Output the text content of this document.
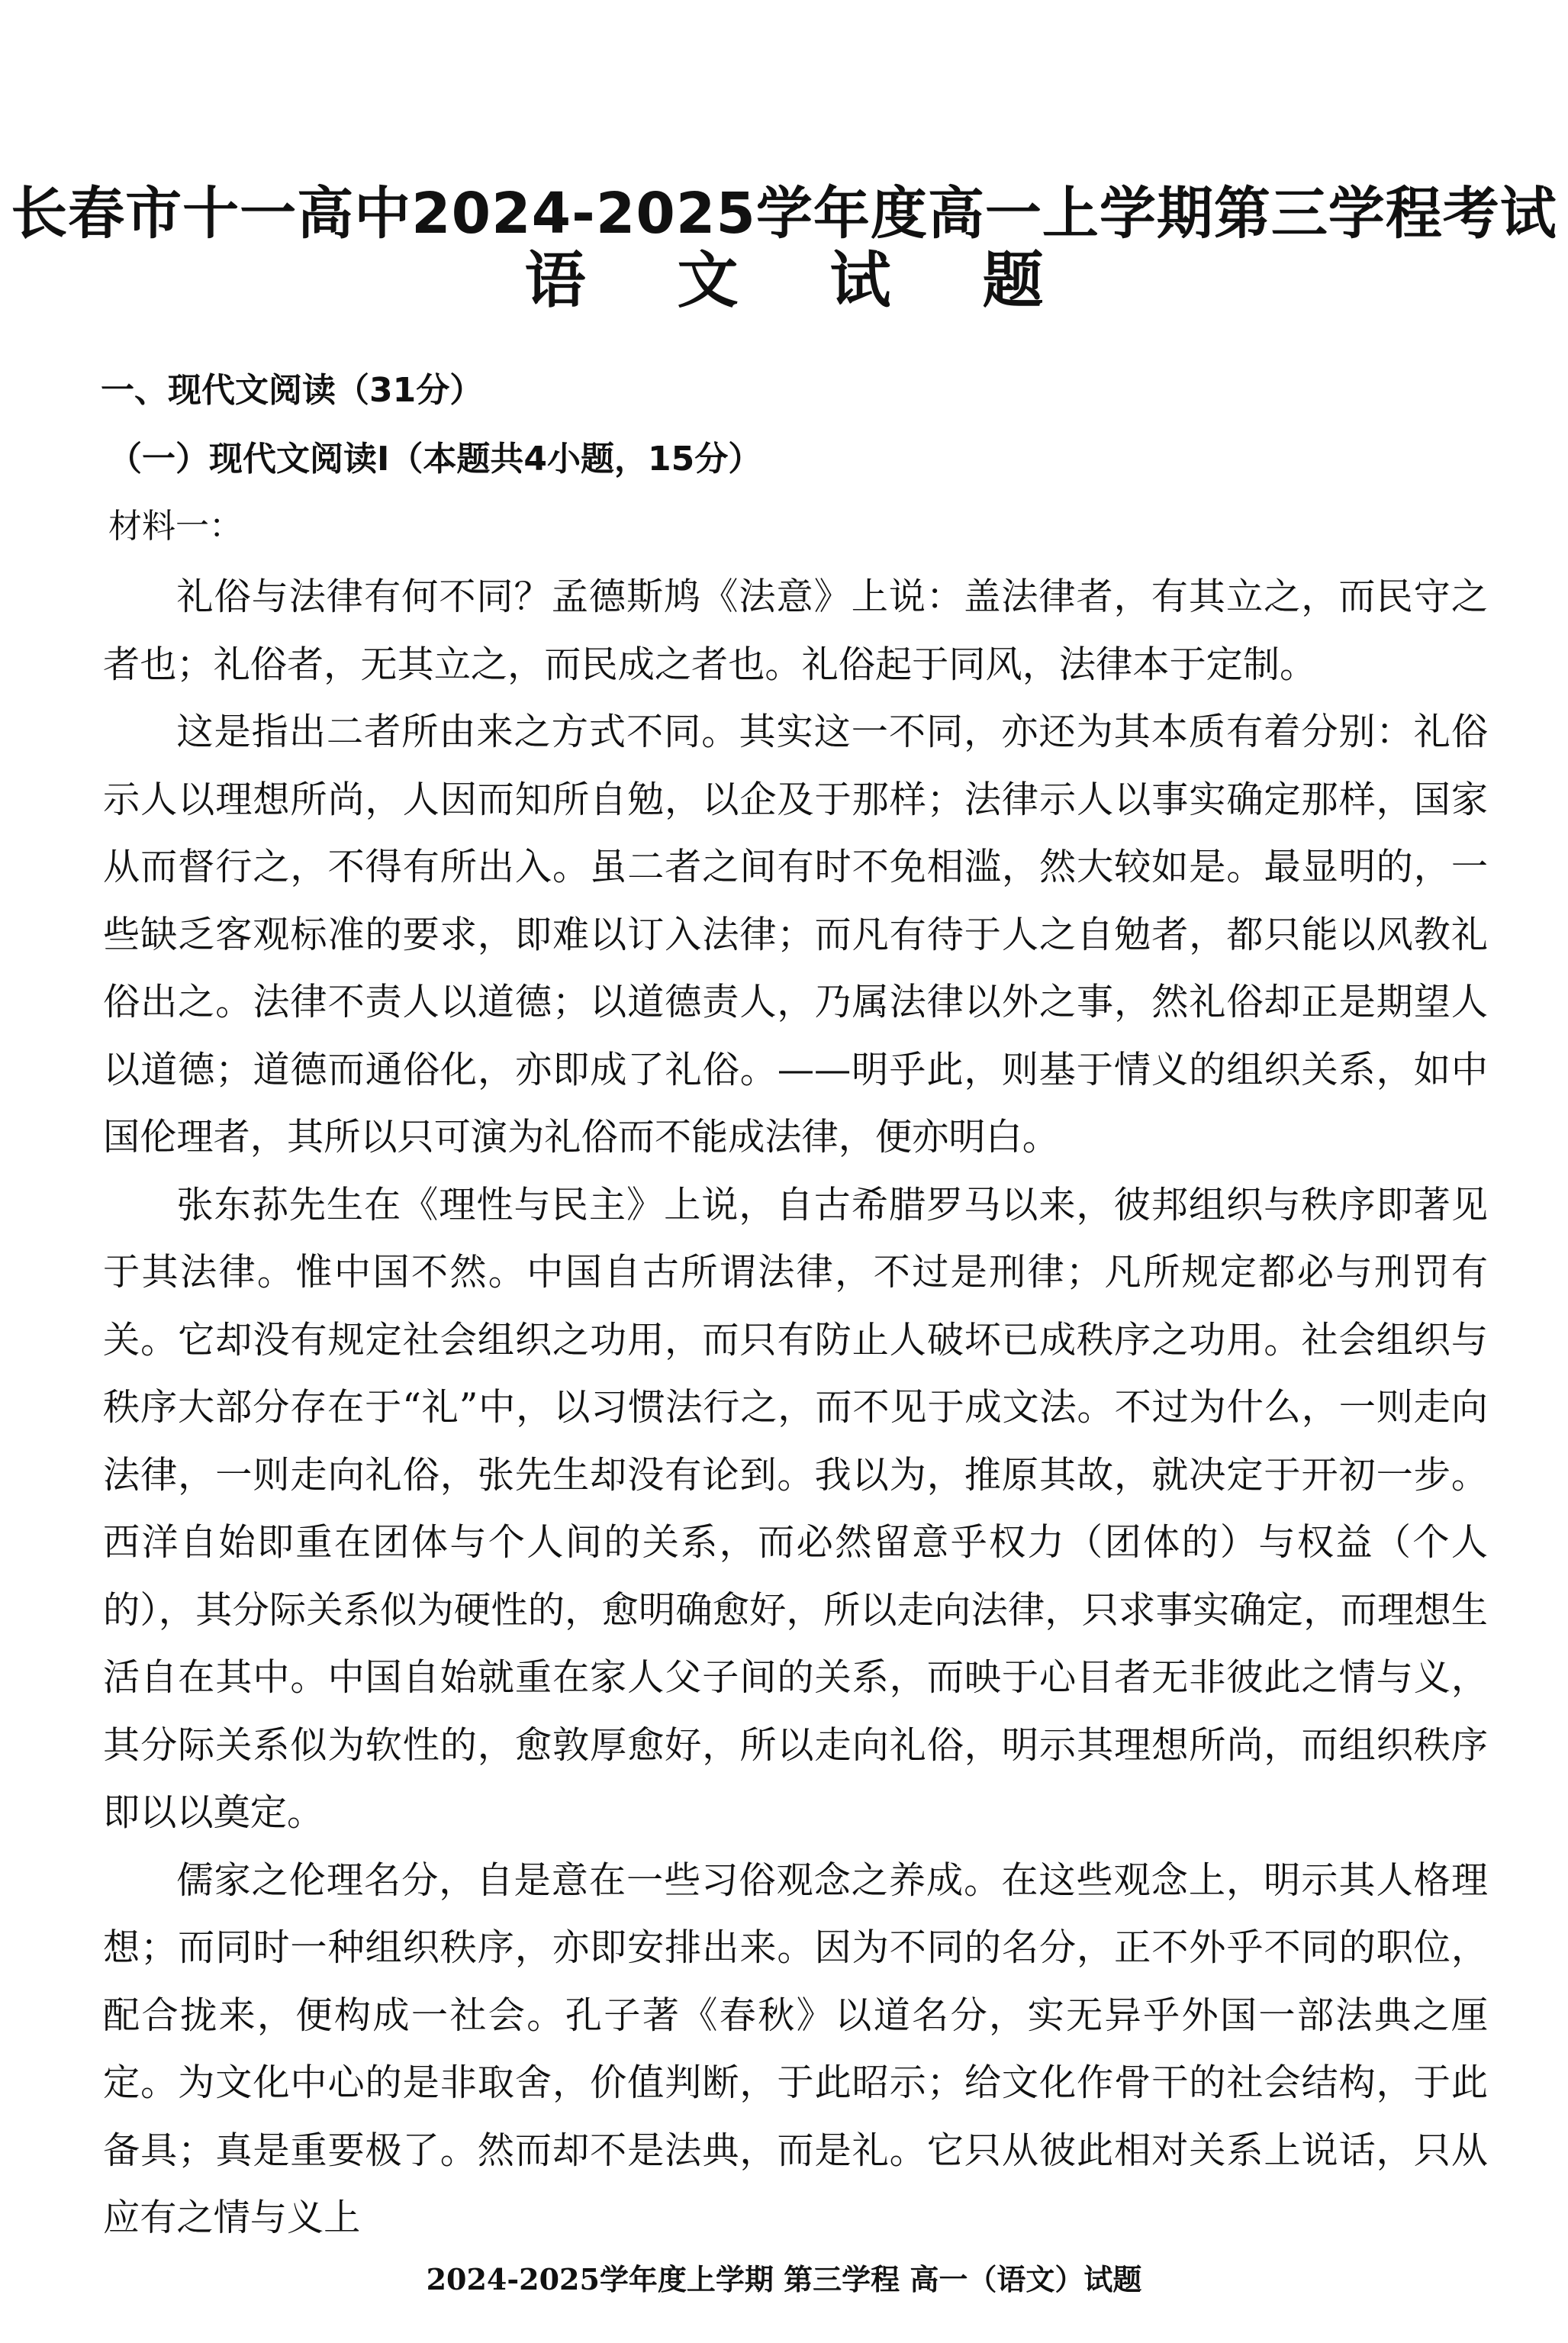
长春市十一高中2024-2025学年度高一上学期第三学程考试
语文试题
一、现代文阅读（31分）
（一）现代文阅读I（本题共4小题，15分）
材料一：

礼俗与法律有何不同？孟德斯鸠《法意》上说：盖法律者，有其立之，而民守之者也；礼俗者，无其立之，而民成之者也。礼俗起于同风，法律本于定制。

这是指出二者所由来之方式不同。其实这一不同，亦还为其本质有着分别：礼俗示人以理想所尚，人因而知所自勉，以企及于那样；法律示人以事实确定那样，国家从而督行之，不得有所出入。虽二者之间有时不免相滥，然大较如是。最显明的，一些缺乏客观标准的要求，即难以订入法律；而凡有待于人之自勉者，都只能以风教礼俗出之。法律不责人以道德；以道德责人，乃属法律以外之事，然礼俗却正是期望人以道德；道德而通俗化，亦即成了礼俗。——明乎此，则基于情义的组织关系，如中国伦理者，其所以只可演为礼俗而不能成法律，便亦明白。

张东荪先生在《理性与民主》上说，自古希腊罗马以来，彼邦组织与秩序即著见于其法律。惟中国不然。中国自古所谓法律，不过是刑律；凡所规定都必与刑罚有关。它却没有规定社会组织之功用，而只有防止人破坏已成秩序之功用。社会组织与秩序大部分存在于“礼”中，以习惯法行之，而不见于成文法。不过为什么，一则走向法律，一则走向礼俗，张先生却没有论到。我以为，推原其故，就决定于开初一步。西洋自始即重在团体与个人间的关系，而必然留意乎权力（团体的）与权益（个人的），其分际关系似为硬性的，愈明确愈好，所以走向法律，只求事实确定，而理想生活自在其中。中国自始就重在家人父子间的关系，而映于心目者无非彼此之情与义，其分际关系似为软性的，愈敦厚愈好，所以走向礼俗，明示其理想所尚，而组织秩序即以以奠定。

儒家之伦理名分，自是意在一些习俗观念之养成。在这些观念上，明示其人格理想；而同时一种组织秩序，亦即安排出来。因为不同的名分，正不外乎不同的职位，配合拢来，便构成一社会。孔子著《春秋》以道名分，实无异乎外国一部法典之厘定。为文化中心的是非取舍，价值判断，于此昭示；给文化作骨干的社会结构，于此备具；真是重要极了。然而却不是法典，而是礼。它只从彼此相对关系上说话，只从应有之情与义上

2024-2025学年度上学期 第三学程 高一（语文）试题
